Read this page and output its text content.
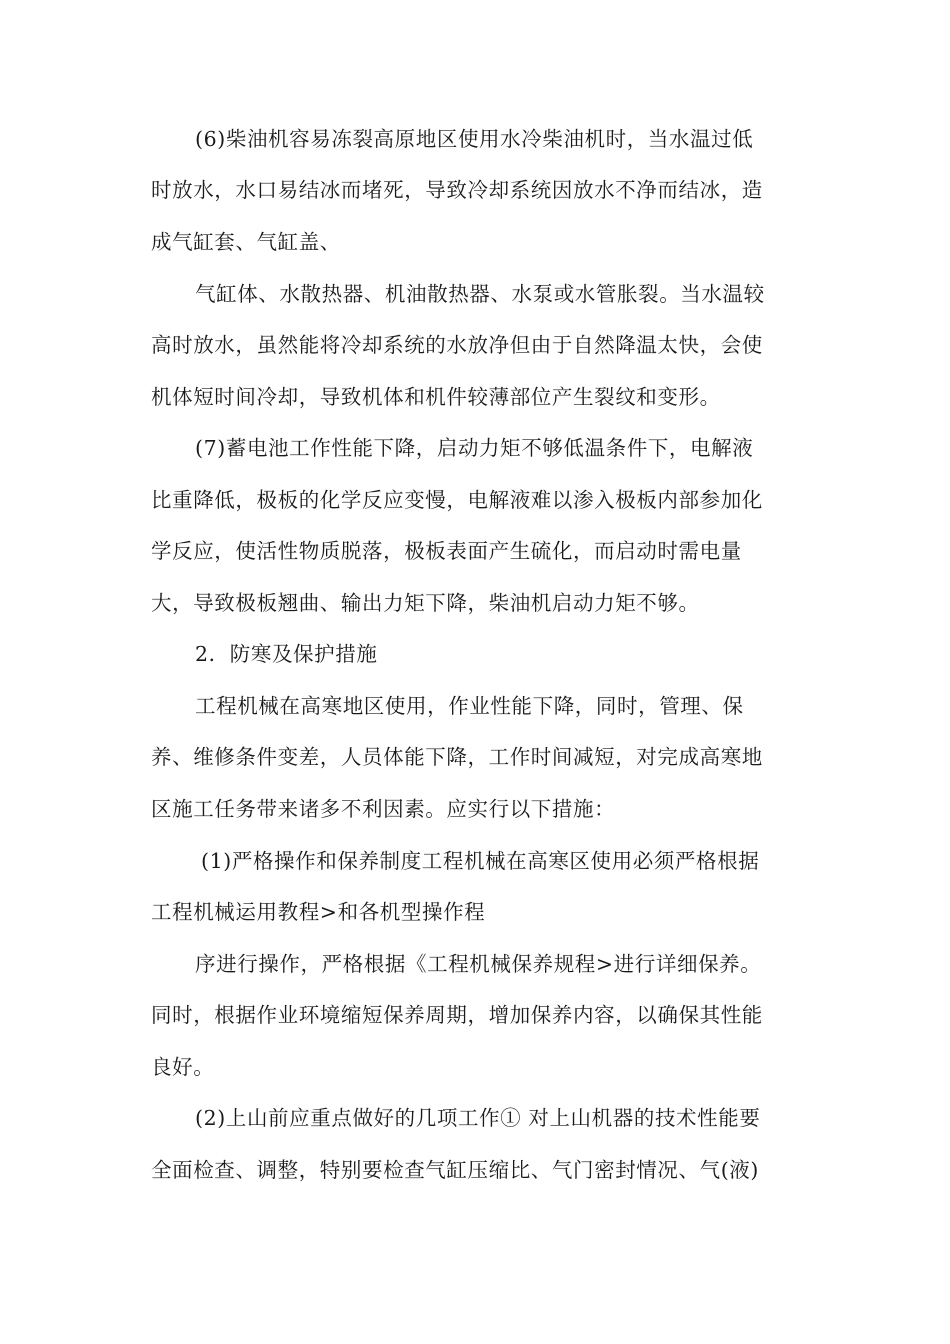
(6)柴油机容易冻裂高原地区使用水冷柴油机时，当水温过低
时放水，水口易结冰而堵死，导致冷却系统因放水不净而结冰，造
成气缸套、气缸盖、
气缸体、水散热器、机油散热器、水泵或水管胀裂。当水温较
高时放水，虽然能将冷却系统的水放净但由于自然降温太快，会使
机体短时间冷却，导致机体和机件较薄部位产生裂纹和变形。
(7)蓄电池工作性能下降，启动力矩不够低温条件下，电解液
比重降低，极板的化学反应变慢，电解液难以渗入极板内部参加化
学反应，使活性物质脱落，极板表面产生硫化，而启动时需电量
大，导致极板翘曲、输出力矩下降，柴油机启动力矩不够。
2．防寒及保护措施
工程机械在高寒地区使用，作业性能下降，同时，管理、保
养、维修条件变差，人员体能下降，工作时间减短，对完成高寒地
区施工任务带来诸多不利因素。应实行以下措施：
(1)严格操作和保养制度工程机械在高寒区使用必须严格根据
工程机械运用教程>和各机型操作程
序进行操作，严格根据《工程机械保养规程>进行详细保养。
同时，根据作业环境缩短保养周期，增加保养内容，以确保其性能
良好。
(2)上山前应重点做好的几项工作① 对上山机器的技术性能要
全面检查、调整，特别要检查气缸压缩比、气门密封情况、气(液)
